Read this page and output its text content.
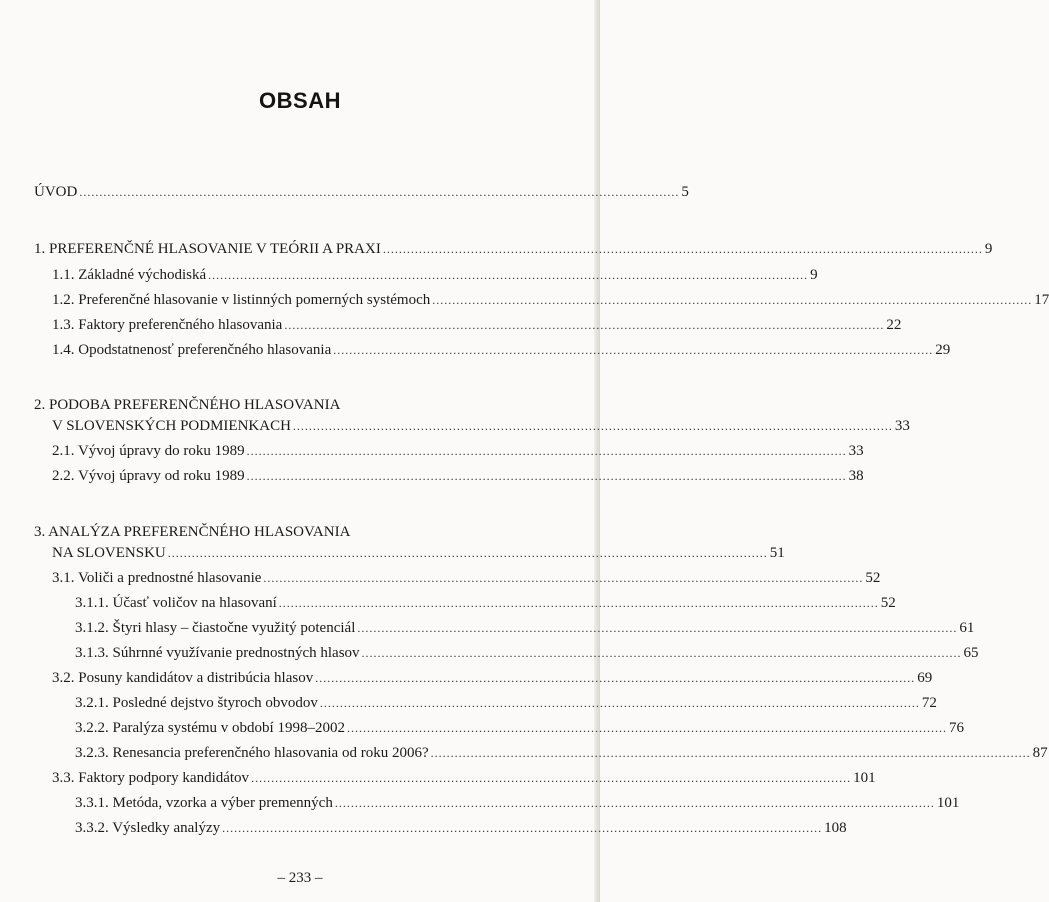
OBSAH
ÚVOD ...................................................................................................................................................... 5
1. PREFERENČNÉ HLASOVANIE V TEÓRII A PRAXI ...................................................................................................................................................... 9
1.1. Základné východiská ...................................................................................................................................................... 9
1.2. Preferenčné hlasovanie v listinných pomerných systémoch ...................................................................................................................................................... 17
1.3. Faktory preferenčného hlasovania ...................................................................................................................................................... 22
1.4. Opodstatnenosť preferenčného hlasovania ...................................................................................................................................................... 29
2. PODOBA PREFERENČNÉHO HLASOVANIA
V SLOVENSKÝCH PODMIENKACH ...................................................................................................................................................... 33
2.1. Vývoj úpravy do roku 1989 ...................................................................................................................................................... 33
2.2. Vývoj úpravy od roku 1989 ...................................................................................................................................................... 38
3. ANALÝZA PREFERENČNÉHO HLASOVANIA
NA SLOVENSKU ...................................................................................................................................................... 51
3.1. Voliči a prednostné hlasovanie ...................................................................................................................................................... 52
3.1.1. Účasť voličov na hlasovaní ...................................................................................................................................................... 52
3.1.2. Štyri hlasy – čiastočne využitý potenciál ...................................................................................................................................................... 61
3.1.3. Súhrnné využívanie prednostných hlasov ...................................................................................................................................................... 65
3.2. Posuny kandidátov a distribúcia hlasov ...................................................................................................................................................... 69
3.2.1. Posledné dejstvo štyroch obvodov ...................................................................................................................................................... 72
3.2.2. Paralýza systému v období 1998–2002 ...................................................................................................................................................... 76
3.2.3. Renesancia preferenčného hlasovania od roku 2006? ...................................................................................................................................................... 87
3.3. Faktory podpory kandidátov ...................................................................................................................................................... 101
3.3.1. Metóda, vzorka a výber premenných ...................................................................................................................................................... 101
3.3.2. Výsledky analýzy ...................................................................................................................................................... 108
– 233 –
